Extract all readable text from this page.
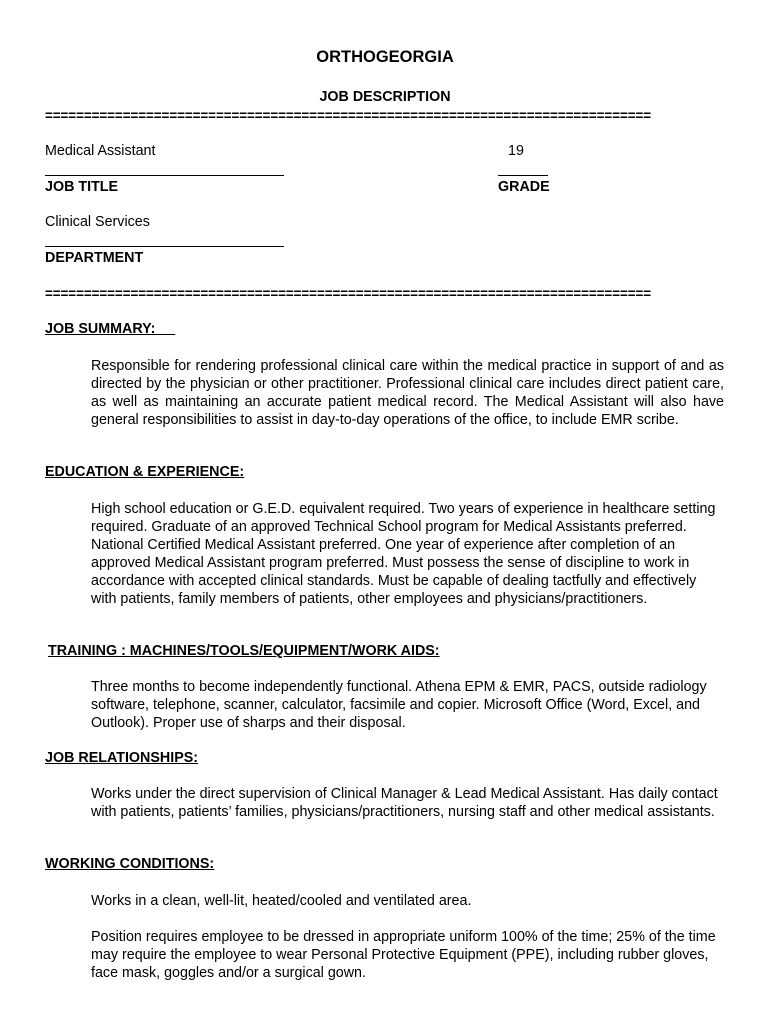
ORTHOGEORGIA
JOB DESCRIPTION
==============================================================================
Medical Assistant
JOB TITLE
19
GRADE
Clinical Services
DEPARTMENT
==============================================================================
JOB SUMMARY:
Responsible for rendering professional clinical care within the medical practice in support of and as directed by the physician or other practitioner. Professional clinical care includes direct patient care, as well as maintaining an accurate patient medical record. The Medical Assistant will also have general responsibilities to assist in day-to-day operations of the office, to include EMR scribe.
EDUCATION & EXPERIENCE:
High school education or G.E.D. equivalent required. Two years of experience in healthcare setting required. Graduate of an approved Technical School program for Medical Assistants preferred. National Certified Medical Assistant preferred. One year of experience after completion of an approved Medical Assistant program preferred. Must possess the sense of discipline to work in accordance with accepted clinical standards. Must be capable of dealing tactfully and effectively with patients, family members of patients, other employees and physicians/practitioners.
TRAINING : MACHINES/TOOLS/EQUIPMENT/WORK AIDS:
Three months to become independently functional. Athena EPM & EMR, PACS, outside radiology software, telephone, scanner, calculator, facsimile and copier. Microsoft Office (Word, Excel, and Outlook). Proper use of sharps and their disposal.
JOB RELATIONSHIPS:
Works under the direct supervision of Clinical Manager & Lead Medical Assistant. Has daily contact with patients, patients’ families, physicians/practitioners, nursing staff and other medical assistants.
WORKING CONDITIONS:
Works in a clean, well-lit, heated/cooled and ventilated area.
Position requires employee to be dressed in appropriate uniform 100% of the time; 25% of the time may require the employee to wear Personal Protective Equipment (PPE), including rubber gloves, face mask, goggles and/or a surgical gown.
